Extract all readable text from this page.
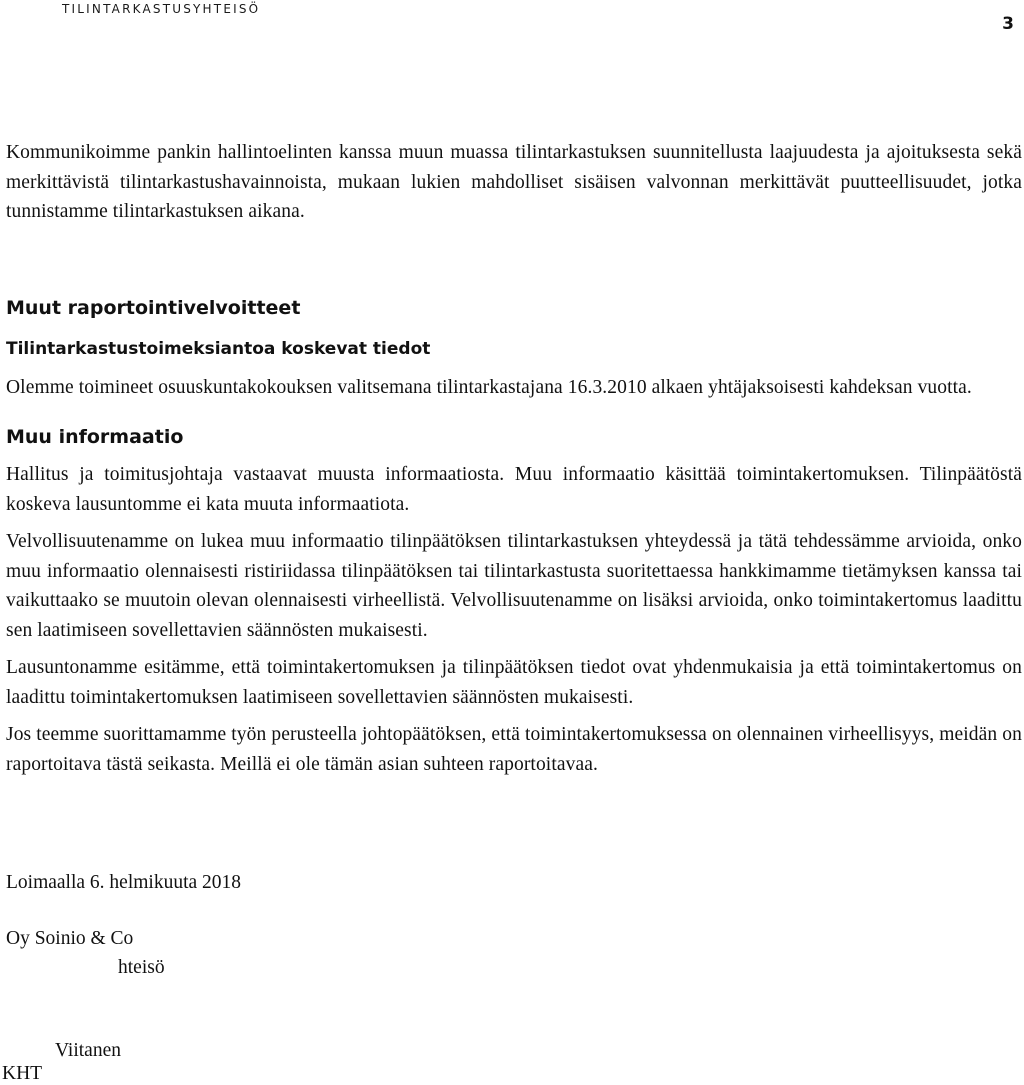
TILINTARKASTUSYHTEISÖ
3

Kommunikoimme pankin hallintoelinten kanssa muun muassa tilintarkastuksen suunnitellusta laajuudesta ja ajoituksesta sekä merkittävistä tilintarkastushavainnoista, mukaan lukien mahdolliset sisäisen valvonnan merkittävät puutteellisuudet, jotka tunnistamme tilintarkastuksen aikana.

Muut raportointivelvoitteet
Tilintarkastustoimeksiantoa koskevat tiedot

Olemme toimineet osuuskuntakokouksen valitsemana tilintarkastajana 16.3.2010 alkaen yhtäjaksoisesti kahdeksan vuotta.

Muu informaatio

Hallitus ja toimitusjohtaja vastaavat muusta informaatiosta. Muu informaatio käsittää toimintakertomuksen. Tilinpäätöstä koskeva lausuntomme ei kata muuta informaatiota.

Velvollisuutenamme on lukea muu informaatio tilinpäätöksen tilintarkastuksen yhteydessä ja tätä tehdessämme arvioida, onko muu informaatio olennaisesti ristiriidassa tilinpäätöksen tai tilintarkastusta suoritettaessa hankkimamme tietämyksen kanssa tai vaikuttaako se muutoin olevan olennaisesti virheellistä. Velvollisuutenamme on lisäksi arvioida, onko toimintakertomus laadittu sen laatimiseen sovellettavien säännösten mukaisesti.

Lausuntonamme esitämme, että toimintakertomuksen ja tilinpäätöksen tiedot ovat yhdenmukaisia ja että toimintakertomus on laadittu toimintakertomuksen laatimiseen sovellettavien säännösten mukaisesti.

Jos teemme suorittamamme työn perusteella johtopäätöksen, että toimintakertomuksessa on olennainen virheellisyys, meidän on raportoitava tästä seikasta. Meillä ei ole tämän asian suhteen raportoitavaa.

Loimaalla 6. helmikuuta 2018
Oy Soinio & Co
hteisö
Viitanen
KHT
